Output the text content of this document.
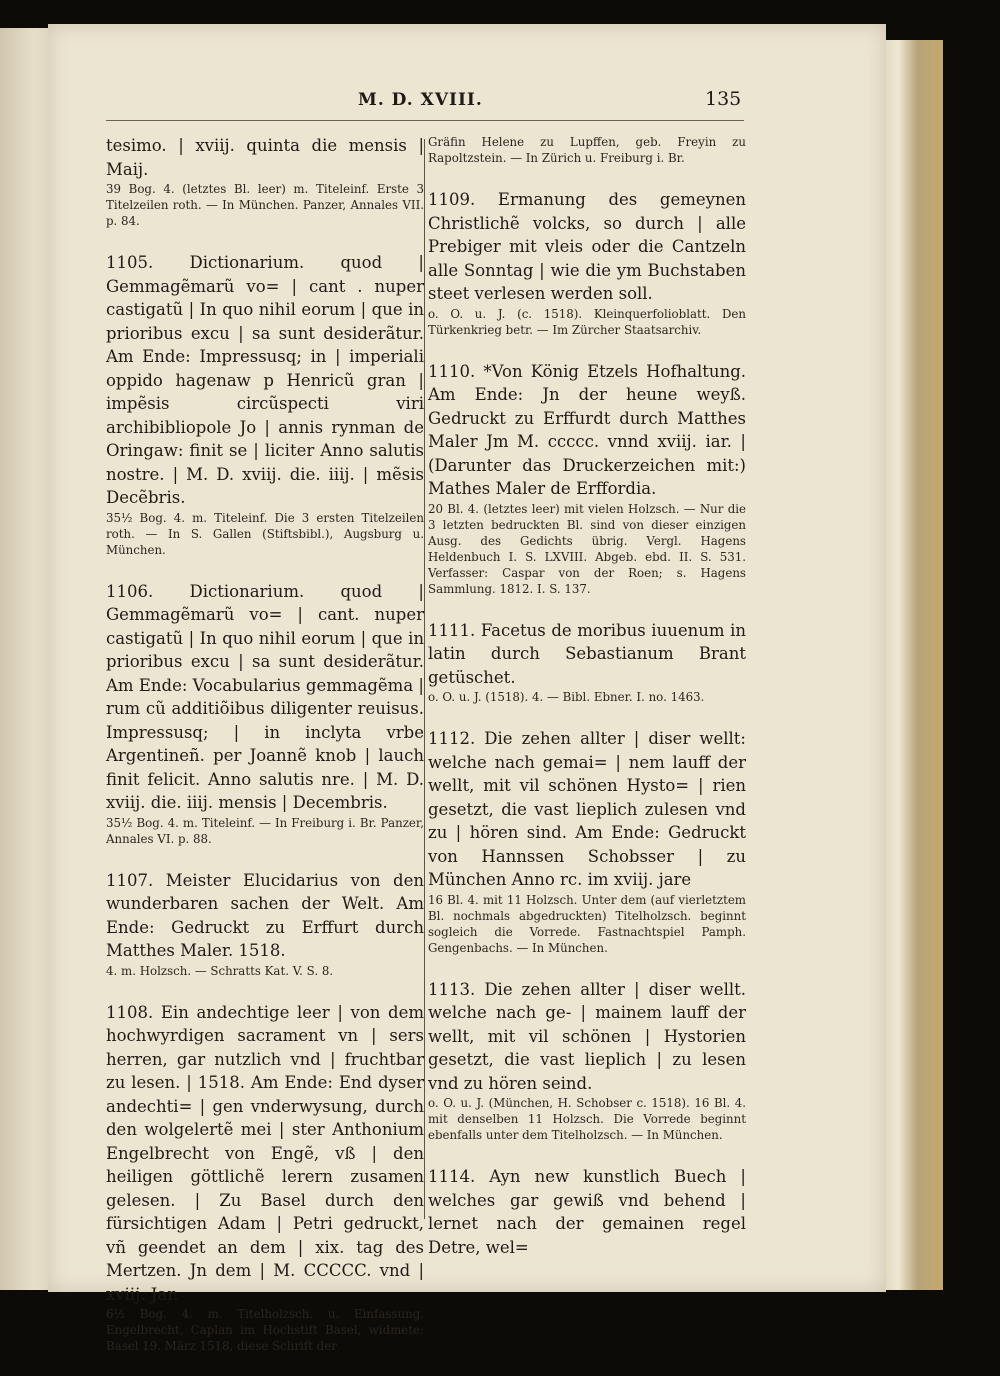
M. D. XVIII.	135

tesimo. | xviij. quinta die mensis | Maij.

39 Bog. 4. (letztes Bl. leer) m. Titeleinf. Erste 3 Titelzeilen roth. — In München. Panzer, Annales VII. p. 84.

1105. Dictionarium. quod | Gemmagẽmarũ vo= | cant . nuper castigatũ | In quo nihil eorum | que in prioribus excu | sa sunt desiderãtur. Am Ende: Impressusq; in | imperiali oppido hagenaw p Henricũ gran | impẽsis circũspecti viri archibibliopole Jo | annis rynman de Oringaw: finit se | liciter Anno salutis nostre. | M. D. xviij. die. iiij. | mẽsis Decẽbris.

35½ Bog. 4. m. Titeleinf. Die 3 ersten Titelzeilen roth. — In S. Gallen (Stiftsbibl.), Augsburg u. München.

1106. Dictionarium. quod | Gemmagẽmarũ vo= | cant. nuper castigatũ | In quo nihil eorum | que in prioribus excu | sa sunt desiderãtur. Am Ende: Vocabularius gemmagẽma | rum cũ additiõibus diligenter reuisus. Impressusq; | in inclyta vrbe Argentineñ. per Joannẽ knob | lauch finit felicit. Anno salutis nre. | M. D. xviij. die. iiij. mensis | Decembris.

35½ Bog. 4. m. Titeleinf. — In Freiburg i. Br. Panzer, Annales VI. p. 88.

1107. Meister Elucidarius von den wunderbaren sachen der Welt. Am Ende: Gedruckt zu Erffurt durch Matthes Maler. 1518.

4. m. Holzsch. — Schratts Kat. V. S. 8.

1108. Ein andechtige leer | von dem hochwyrdigen sacrament vn | sers herren, gar nutzlich vnd | fruchtbar zu lesen. | 1518. Am Ende: End dyser andechti= | gen vnderwysung, durch den wolgelertẽ mei | ster Anthonium Engelbrecht von Engẽ, vß | den heiligen göttlichẽ lerern zusamen gelesen. | Zu Basel durch den fürsichtigen Adam | Petri gedruckt, vñ geendet an dem | xix. tag des Mertzen. Jn dem | M. CCCCC. vnd | xviij. Jar.

6½ Bog. 4. m. Titelholzsch. u. Einfassung. Engelbrecht, Caplan im Hochstift Basel, widmete: Basel 19. März 1518, diese Schrift der

Gräfin Helene zu Lupffen, geb. Freyin zu Rapoltzstein. — In Zürich u. Freiburg i. Br.

1109. Ermanung des gemeynen Christlichẽ volcks, so durch | alle Prebiger mit vleis oder die Cantzeln alle Sonntag | wie die ym Buchstaben steet verlesen werden soll.

o. O. u. J. (c. 1518). Kleinquerfolioblatt. Den Türkenkrieg betr. — Im Zürcher Staatsarchiv.

1110. *Von König Etzels Hofhaltung. Am Ende: Jn der heune weyß. Gedruckt zu Erffurdt durch Matthes Maler Jm M. ccccc. vnnd xviij. iar. | (Darunter das Druckerzeichen mit:) Mathes Maler de Erffordia.

20 Bl. 4. (letztes leer) mit vielen Holzsch. — Nur die 3 letzten bedruckten Bl. sind von dieser einzigen Ausg. des Gedichts übrig. Vergl. Hagens Heldenbuch I. S. LXVIII. Abgeb. ebd. II. S. 531. Verfasser: Caspar von der Roen; s. Hagens Sammlung. 1812. I. S. 137.

1111. Facetus de moribus iuuenum in latin durch Sebastianum Brant getüschet.

o. O. u. J. (1518). 4. — Bibl. Ebner. I. no. 1463.

1112. Die zehen allter | diser wellt: welche nach gemai= | nem lauff der wellt, mit vil schönen Hysto= | rien gesetzt, die vast lieplich zulesen vnd zu | hören sind. Am Ende: Gedruckt von Hannssen Schobsser | zu München Anno rc. im xviij. jare

16 Bl. 4. mit 11 Holzsch. Unter dem (auf vierletztem Bl. nochmals abgedruckten) Titelholzsch. beginnt sogleich die Vorrede. Fastnachtspiel Pamph. Gengenbachs. — In München.

1113. Die zehen allter | diser wellt. welche nach ge- | mainem lauff der wellt, mit vil schönen | Hystorien gesetzt, die vast lieplich | zu lesen vnd zu hören seind.

o. O. u. J. (München, H. Schobser c. 1518). 16 Bl. 4. mit denselben 11 Holzsch. Die Vorrede beginnt ebenfalls unter dem Titelholzsch. — In München.

1114. Ayn new kunstlich Buech | welches gar gewiß vnd behend | lernet nach der gemainen regel Detre, wel=
